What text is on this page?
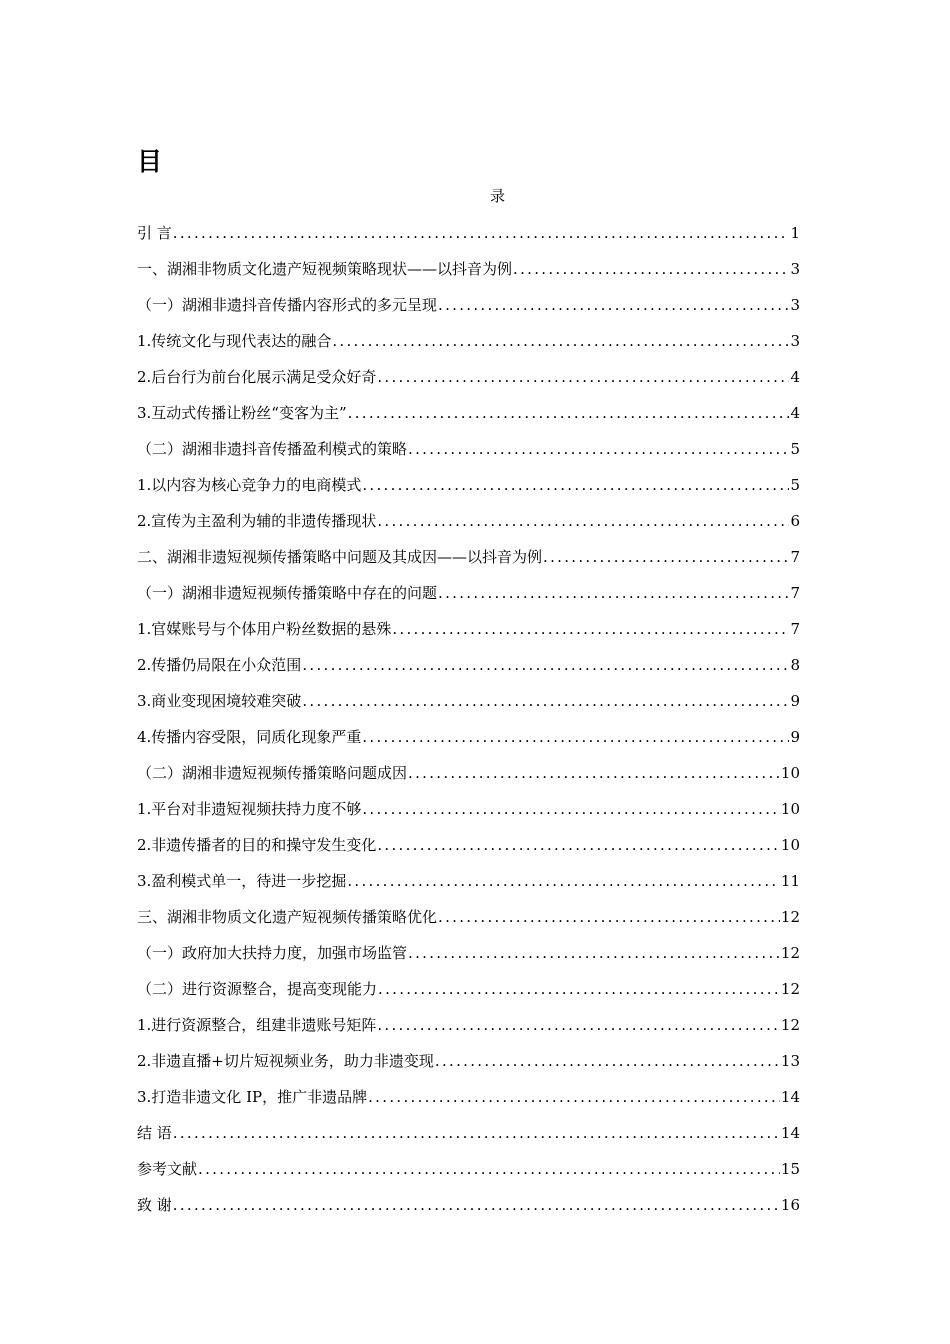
目
录
引 言 .....	1
一、湖湘非物质文化遗产短视频策略现状——以抖音为例 .....	3
（一）湖湘非遗抖音传播内容形式的多元呈现 .....	3
1.传统文化与现代表达的融合 .....	3
2.后台行为前台化展示满足受众好奇 .....	4
3.互动式传播让粉丝“变客为主” .....	4
（二）湖湘非遗抖音传播盈利模式的策略 .....	5
1.以内容为核心竞争力的电商模式 .....	5
2.宣传为主盈利为辅的非遗传播现状 .....	6
二、湖湘非遗短视频传播策略中问题及其成因——以抖音为例 .....	7
（一）湖湘非遗短视频传播策略中存在的问题 .....	7
1.官媒账号与个体用户粉丝数据的悬殊 .....	7
2.传播仍局限在小众范围 .....	8
3.商业变现困境较难突破 .....	9
4.传播内容受限，同质化现象严重 .....	9
（二）湖湘非遗短视频传播策略问题成因 .....	10
1.平台对非遗短视频扶持力度不够 .....	10
2.非遗传播者的目的和操守发生变化 .....	10
3.盈利模式单一，待进一步挖掘 .....	11
三、湖湘非物质文化遗产短视频传播策略优化 .....	12
（一）政府加大扶持力度，加强市场监管 .....	12
（二）进行资源整合，提高变现能力 .....	12
1.进行资源整合，组建非遗账号矩阵 .....	12
2.非遗直播+切片短视频业务，助力非遗变现 .....	13
3.打造非遗文化 IP，推广非遗品牌 .....	14
结 语 .....	14
参考文献 .....	15
致 谢 .....	16
